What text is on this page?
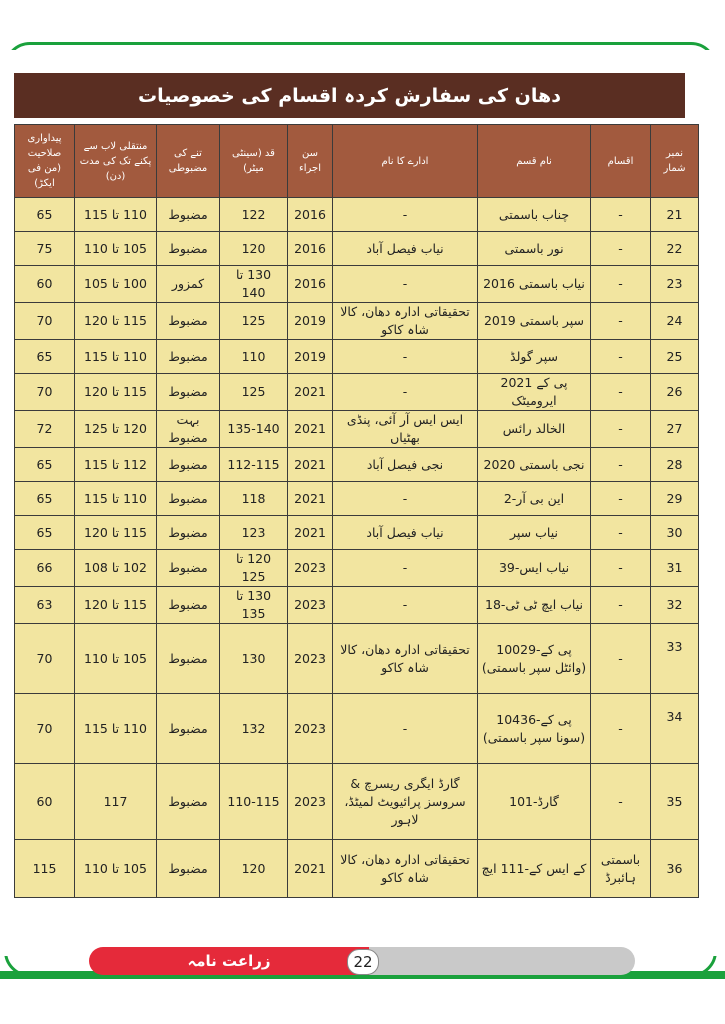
دھان کی سفارش کردہ اقسام کی خصوصیات
نمبر شمار	اقسام	نام قسم	ادارے کا نام	سن اجراء	قد (سینٹی میٹر)	تنے کی مضبوطی	منتقلی لاب سے پکنے تک کی مدت (دن)	پیداواری صلاحیت (من فی ایکڑ)
21	-	چناب باسمتی	-	2016	122	مضبوط	110 تا 115	65
22	-	نور باسمتی	نیاب فیصل آباد	2016	120	مضبوط	105 تا 110	75
23	-	نیاب باسمتی 2016	-	2016	130 تا 140	کمزور	100 تا 105	60
24	-	سپر باسمتی 2019	تحقیقاتی ادارہ دھان، کالا شاہ کاکو	2019	125	مضبوط	115 تا 120	70
25	-	سپر گولڈ	-	2019	110	مضبوط	110 تا 115	65
26	-	پی کے 2021 ایرومیٹک	-	2021	125	مضبوط	115 تا 120	70
27	-	الخالد رائس	ایس ایس آر آئی، پنڈی بھٹیاں	2021	135-140	بہت مضبوط	120 تا 125	72
28	-	نجی باسمتی 2020	نجی فیصل آباد	2021	112-115	مضبوط	112 تا 115	65
29	-	این بی آر-2	-	2021	118	مضبوط	110 تا 115	65
30	-	نیاب سپر	نیاب فیصل آباد	2021	123	مضبوط	115 تا 120	65
31	-	نیاب ایس-39	-	2023	120 تا 125	مضبوط	102 تا 108	66
32	-	نیاب ایچ ٹی ٹی-18	-	2023	130 تا 135	مضبوط	115 تا 120	63
33	-	پی کے-10029 (وائٹل سپر باسمتی)	تحقیقاتی ادارہ دھان، کالا شاہ کاکو	2023	130	مضبوط	105 تا 110	70
34	-	پی کے-10436 (سونا سپر باسمتی)	-	2023	132	مضبوط	110 تا 115	70
35	-	گارڈ-101	گارڈ ایگری ریسرچ & سروسز پرائیویٹ لمیٹڈ، لاہور	2023	110-115	مضبوط	117	60
36	باسمتی ہائبرڈ	کے ایس کے-111 ایچ	تحقیقاتی ادارہ دھان، کالا شاہ کاکو	2021	120	مضبوط	105 تا 110	115
زراعت نامہ	22
